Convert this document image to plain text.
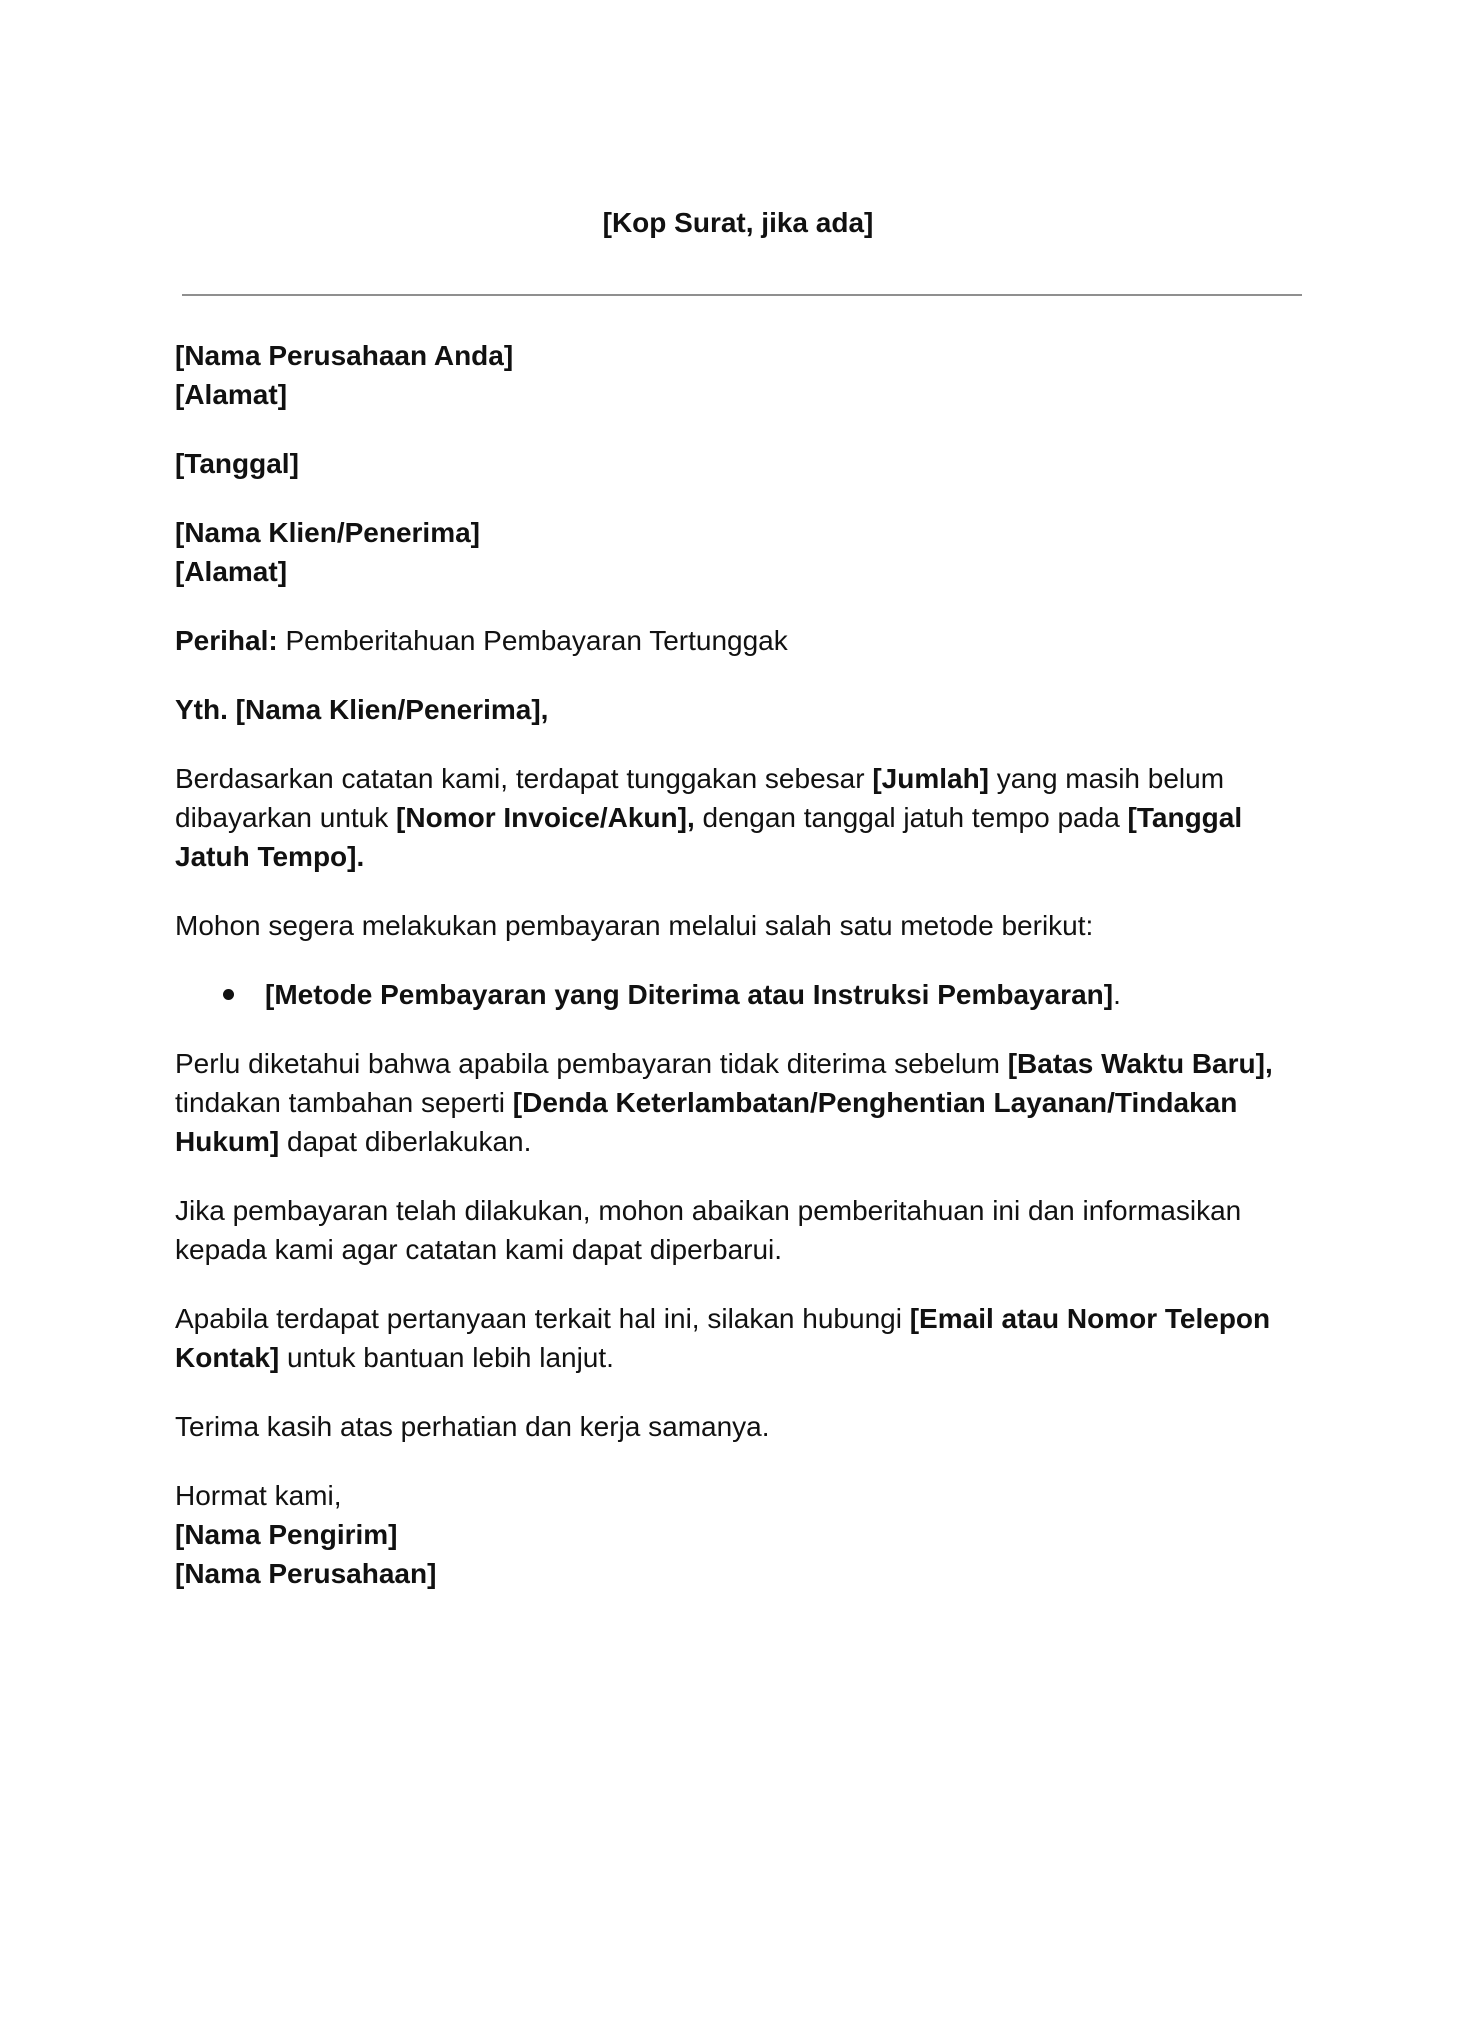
[Kop Surat, jika ada]

[Nama Perusahaan Anda]
[Alamat]

[Tanggal]

[Nama Klien/Penerima]
[Alamat]

Perihal: Pemberitahuan Pembayaran Tertunggak

Yth. [Nama Klien/Penerima],

Berdasarkan catatan kami, terdapat tunggakan sebesar [Jumlah] yang masih belum dibayarkan untuk [Nomor Invoice/Akun], dengan tanggal jatuh tempo pada [Tanggal Jatuh Tempo].

Mohon segera melakukan pembayaran melalui salah satu metode berikut:

[Metode Pembayaran yang Diterima atau Instruksi Pembayaran].

Perlu diketahui bahwa apabila pembayaran tidak diterima sebelum [Batas Waktu Baru], tindakan tambahan seperti [Denda Keterlambatan/Penghentian Layanan/Tindakan Hukum] dapat diberlakukan.

Jika pembayaran telah dilakukan, mohon abaikan pemberitahuan ini dan informasikan kepada kami agar catatan kami dapat diperbarui.

Apabila terdapat pertanyaan terkait hal ini, silakan hubungi [Email atau Nomor Telepon Kontak] untuk bantuan lebih lanjut.

Terima kasih atas perhatian dan kerja samanya.

Hormat kami,
[Nama Pengirim]
[Nama Perusahaan]
